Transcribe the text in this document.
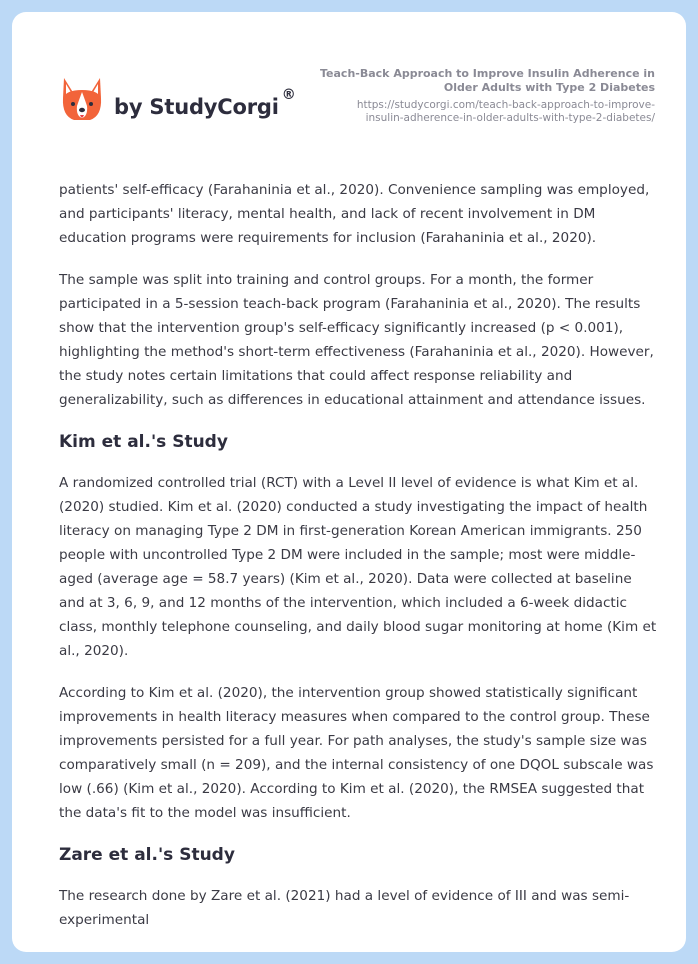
by StudyCorgi ®
Teach-Back Approach to Improve Insulin Adherence in
Older Adults with Type 2 Diabetes
https://studycorgi.com/teach-back-approach-to-improve-
insulin-adherence-in-older-adults-with-type-2-diabetes/

patients' self-efficacy (Farahaninia et al., 2020). Convenience sampling was employed, and participants' literacy, mental health, and lack of recent involvement in DM education programs were requirements for inclusion (Farahaninia et al., 2020).

The sample was split into training and control groups. For a month, the former participated in a 5-session teach-back program (Farahaninia et al., 2020). The results show that the intervention group's self-efficacy significantly increased (p < 0.001), highlighting the method's short-term effectiveness (Farahaninia et al., 2020). However, the study notes certain limitations that could affect response reliability and generalizability, such as differences in educational attainment and attendance issues.

Kim et al.'s Study

A randomized controlled trial (RCT) with a Level II level of evidence is what Kim et al. (2020) studied. Kim et al. (2020) conducted a study investigating the impact of health literacy on managing Type 2 DM in first-generation Korean American immigrants. 250 people with uncontrolled Type 2 DM were included in the sample; most were middle-aged (average age = 58.7 years) (Kim et al., 2020). Data were collected at baseline and at 3, 6, 9, and 12 months of the intervention, which included a 6-week didactic class, monthly telephone counseling, and daily blood sugar monitoring at home (Kim et al., 2020).

According to Kim et al. (2020), the intervention group showed statistically significant improvements in health literacy measures when compared to the control group. These improvements persisted for a full year. For path analyses, the study's sample size was comparatively small (n = 209), and the internal consistency of one DQOL subscale was low (.66) (Kim et al., 2020). According to Kim et al. (2020), the RMSEA suggested that the data's fit to the model was insufficient.

Zare et al.'s Study

The research done by Zare et al. (2021) had a level of evidence of III and was semi-experimental
